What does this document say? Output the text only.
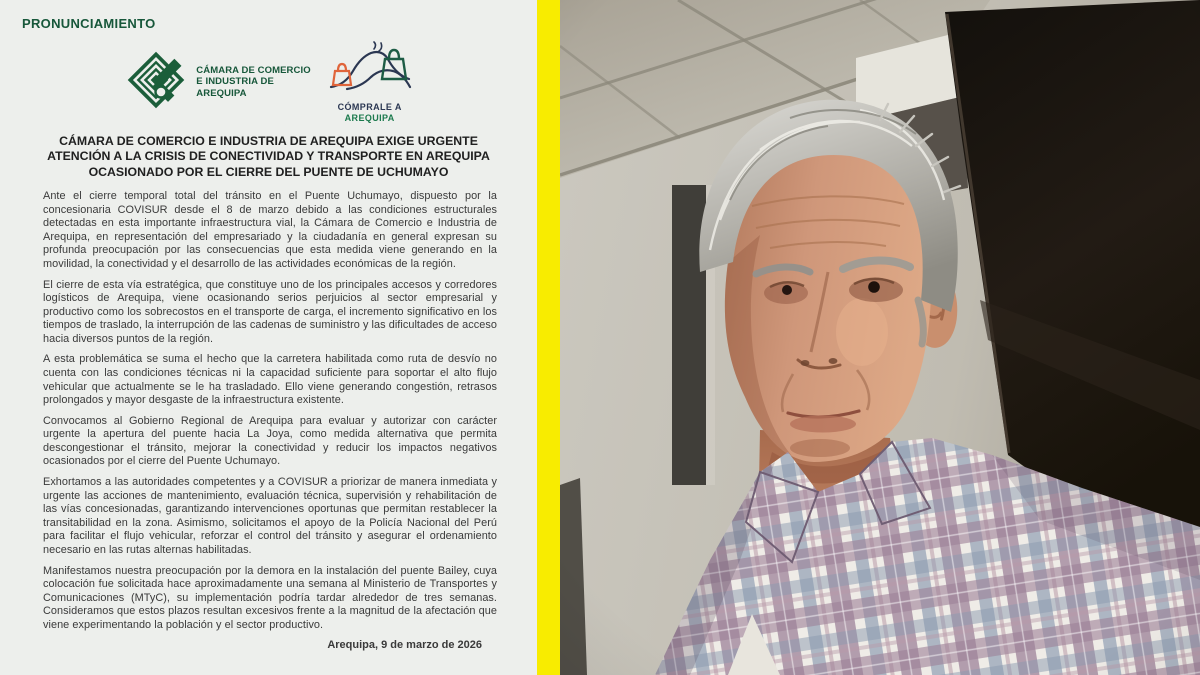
PRONUNCIAMIENTO
CÁMARA DE COMERCIO
E INDUSTRIA DE
AREQUIPA
CÓMPRALE A
AREQUIPA
CÁMARA DE COMERCIO E INDUSTRIA DE AREQUIPA EXIGE URGENTE ATENCIÓN A LA CRISIS DE CONECTIVIDAD Y TRANSPORTE EN AREQUIPA OCASIONADO POR EL CIERRE DEL PUENTE DE UCHUMAYO

Ante el cierre temporal total del tránsito en el Puente Uchumayo, dispuesto por la concesionaria COVISUR desde el 8 de marzo debido a las condiciones estructurales detectadas en esta importante infraestructura vial, la Cámara de Comercio e Industria de Arequipa, en representación del empresariado y la ciudadanía en general expresan su profunda preocupación por las consecuencias que esta medida viene generando en la movilidad, la conectividad y el desarrollo de las actividades económicas de la región.

El cierre de esta vía estratégica, que constituye uno de los principales accesos y corredores logísticos de Arequipa, viene ocasionando serios perjuicios al sector empresarial y productivo como los sobrecostos en el transporte de carga, el incremento significativo en los tiempos de traslado, la interrupción de las cadenas de suministro y las dificultades de acceso hacia diversos puntos de la región.

A esta problemática se suma el hecho que la carretera habilitada como ruta de desvío no cuenta con las condiciones técnicas ni la capacidad suficiente para soportar el alto flujo vehicular que actualmente se le ha trasladado. Ello viene generando congestión, retrasos prolongados y mayor desgaste de la infraestructura existente.

Convocamos al Gobierno Regional de Arequipa para evaluar y autorizar con carácter urgente la apertura del puente hacia La Joya, como medida alternativa que permita descongestionar el tránsito, mejorar la conectividad y reducir los impactos negativos ocasionados por el cierre del Puente Uchumayo.

Exhortamos a las autoridades competentes y a COVISUR a priorizar de manera inmediata y urgente las acciones de mantenimiento, evaluación técnica, supervisión y rehabilitación de las vías concesionadas, garantizando intervenciones oportunas que permitan restablecer la transitabilidad en la zona. Asimismo, solicitamos el apoyo de la Policía Nacional del Perú para facilitar el flujo vehicular, reforzar el control del tránsito y asegurar el ordenamiento necesario en las rutas alternas habilitadas.

Manifestamos nuestra preocupación por la demora en la instalación del puente Bailey, cuya colocación fue solicitada hace aproximadamente una semana al Ministerio de Transportes y Comunicaciones (MTyC), su implementación podría tardar alrededor de tres semanas. Consideramos que estos plazos resultan excesivos frente a la magnitud de la afectación que viene experimentando la población y el sector productivo.

Arequipa, 9 de marzo de 2026
